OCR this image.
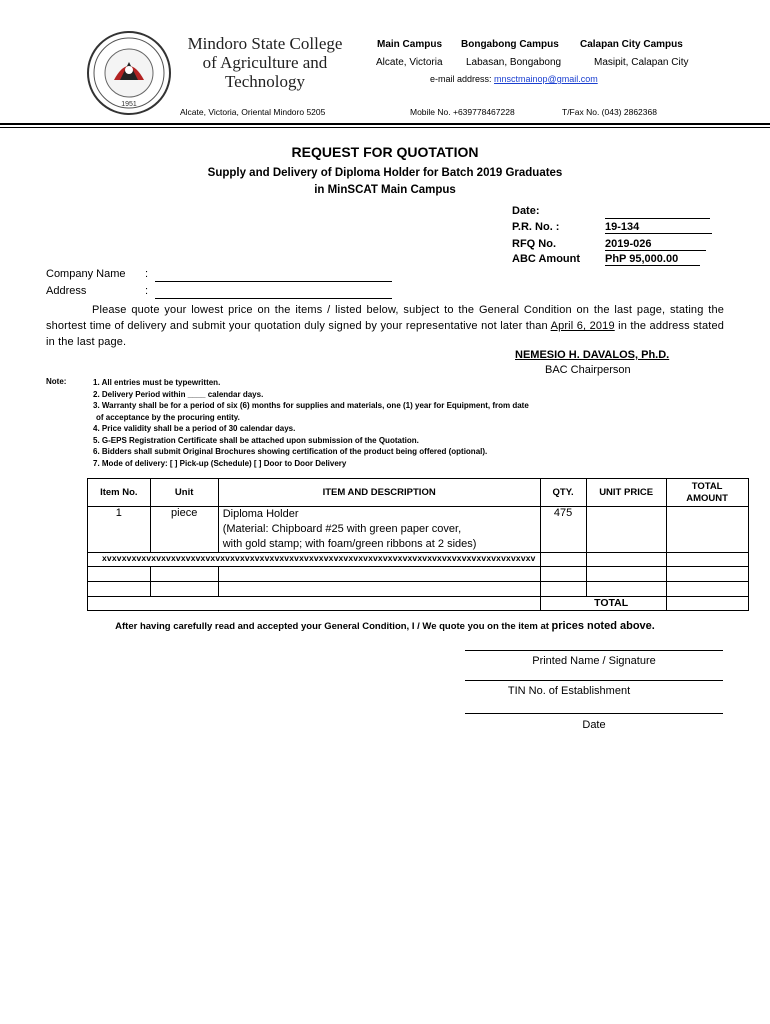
1951
Mindoro State College
of Agriculture and
Technology
Main Campus Bongabong Campus Calapan City Campus
Alcate, Victoria Labasan, Bongabong	Masipit, Calapan City
e-mail address: mnsctmainop@gmail.com
Alcate, Victoria, Oriental Mindoro 5205	Mobile No. +639778467228	T/Fax No. (043) 2862368
REQUEST FOR QUOTATION
Supply and Delivery of Diploma Holder for Batch 2019 Graduates
in MinSCAT Main Campus
Date:
P.R. No. :	19-134
RFQ No.	2019-026
ABC Amount PhP 95,000.00
Company Name :
Address	:
Please quote your lowest price on the items / listed below, subject to the General Condition on the last page, stating the shortest time of delivery and submit your quotation duly signed by your representative not later than April 6, 2019 in the address stated in the last page.
NEMESIO H. DAVALOS, Ph.D.
BAC Chairperson
Note:	1. All entries must be typewritten.
2. Delivery Period within ____ calendar days.
3. Warranty shall be for a period of six (6) months for supplies and materials, one (1) year for Equipment, from date
of acceptance by the procuring entity.
4. Price validity shall be a period of 30 calendar days.
5. G-EPS Registration Certificate shall be attached upon submission of the Quotation.
6. Bidders shall submit Original Brochures showing certification of the product being offered (optional).
7. Mode of delivery: [ ] Pick-up (Schedule) [ ] Door to Door Delivery
Item No.	Unit	ITEM AND DESCRIPTION	QTY.	UNIT PRICE	TOTAL
AMOUNT

1	piece	Diploma Holder
(Material: Chipboard #25 with green paper cover,
with gold stamp; with foam/green ribbons at 2 sides)	475		
xvxvxvxvxvxvxvxvxvxvxvxvxvxvxvxvxvxvxvxvxvxvxvxvxvxvxvxvxvxvxvxvxvxvxvxvxvxvxvxvxvxvxvxv					

			TOTAL		
After having carefully read and accepted your General Condition, I / We quote you on the item at prices noted above.
Printed Name / Signature
TIN No. of Establishment
Date
